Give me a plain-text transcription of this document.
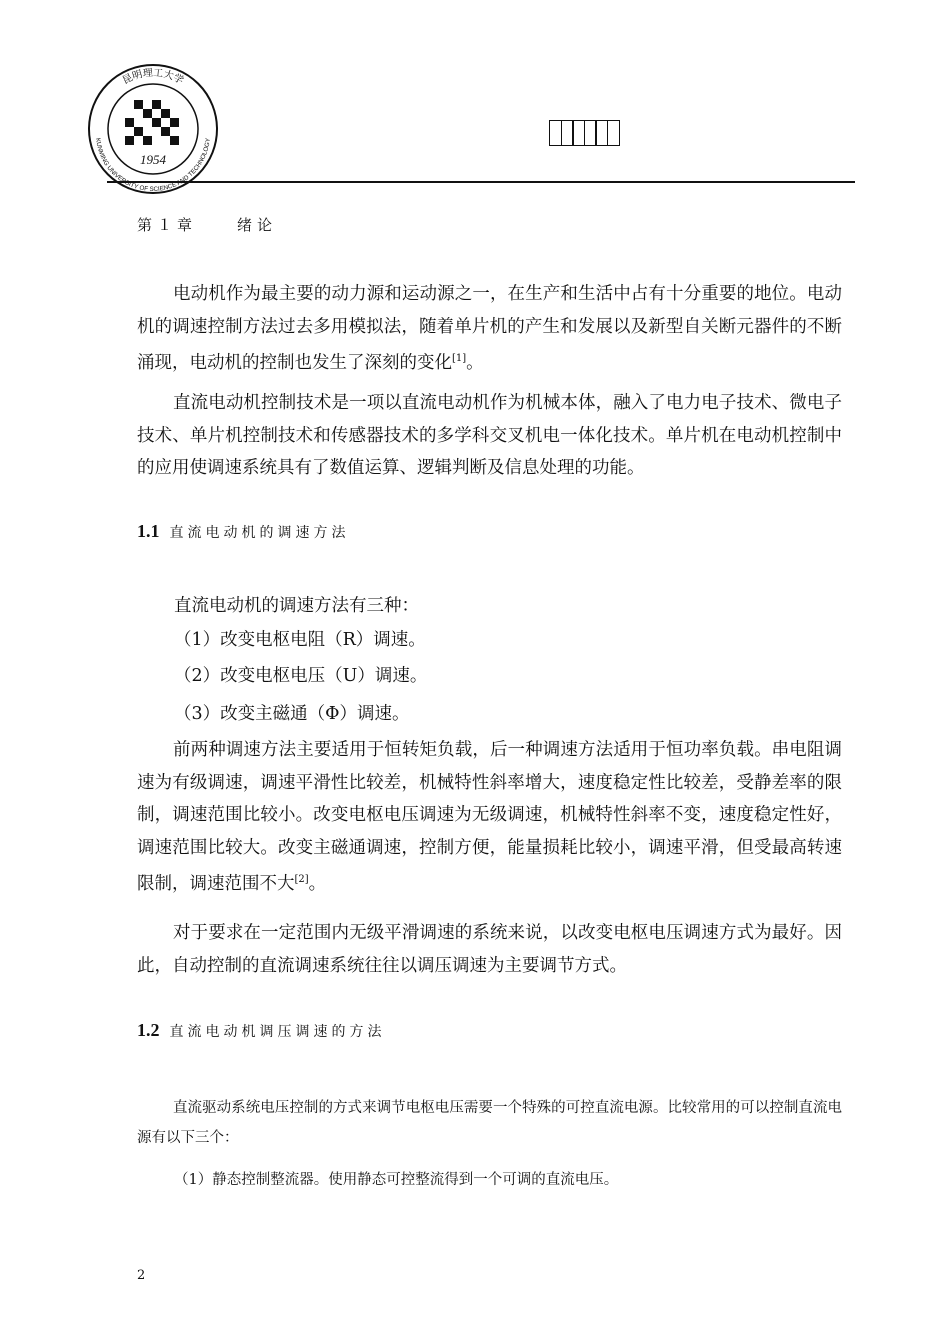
1954
昆明理工大学
KUNMING UNIVERSITY OF SCIENCE AND TECHNOLOGY
第１章	绪论

电动机作为最主要的动力源和运动源之一，在生产和生活中占有十分重要的地位。电动机的调速控制方法过去多用模拟法，随着单片机的产生和发展以及新型自关断元器件的不断涌现，电动机的控制也发生了深刻的变化[1]。

直流电动机控制技术是一项以直流电动机作为机械本体，融入了电力电子技术、微电子技术、单片机控制技术和传感器技术的多学科交叉机电一体化技术。单片机在电动机控制中的应用使调速系统具有了数值运算、逻辑判断及信息处理的功能。

1.1 直流电动机的调速方法
直流电动机的调速方法有三种：
（1）改变电枢电阻（R）调速。
（2）改变电枢电压（U）调速。
（3）改变主磁通（Φ）调速。

前两种调速方法主要适用于恒转矩负载，后一种调速方法适用于恒功率负载。串电阻调速为有级调速，调速平滑性比较差，机械特性斜率增大，速度稳定性比较差，受静差率的限制，调速范围比较小。改变电枢电压调速为无级调速，机械特性斜率不变，速度稳定性好，调速范围比较大。改变主磁通调速，控制方便，能量损耗比较小，调速平滑，但受最高转速限制，调速范围不大[2]。

对于要求在一定范围内无级平滑调速的系统来说，以改变电枢电压调速方式为最好。因此，自动控制的直流调速系统往往以调压调速为主要调节方式。

1.2 直流电动机调压调速的方法

直流驱动系统电压控制的方式来调节电枢电压需要一个特殊的可控直流电源。比较常用的可以控制直流电源有以下三个：

（1）静态控制整流器。使用静态可控整流得到一个可调的直流电压。
2
